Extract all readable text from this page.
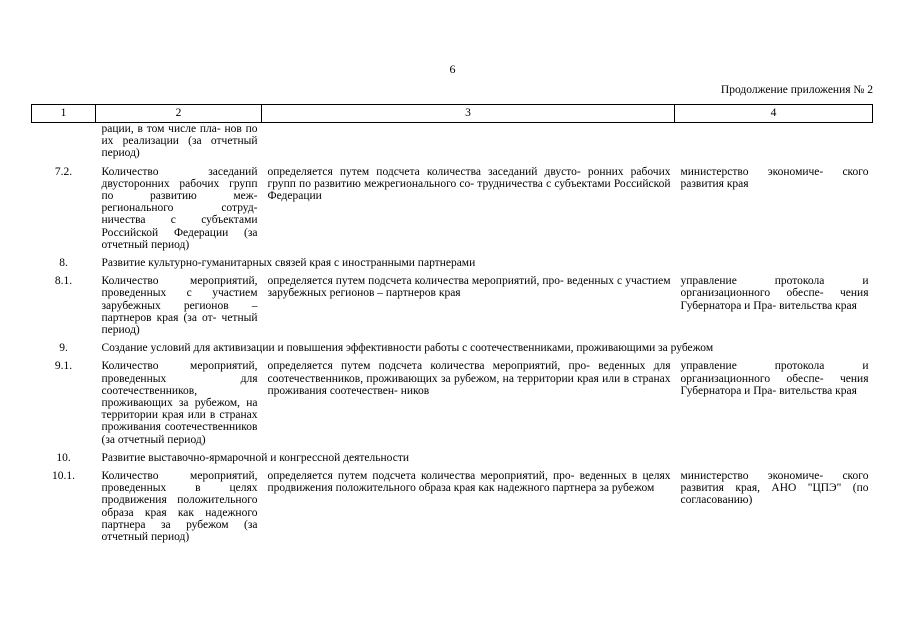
6
Продолжение приложения № 2
1	2	3	4
	рации, в том числе пла- нов по их реализации (за отчетный период)		
7.2.	Количество заседаний двусторонних рабочих групп по развитию меж- регионального сотруд- ничества с субъектами Российской Федерации (за отчетный период)	определяется путем подсчета количества заседаний двусто- ронних рабочих групп по развитию межрегионального со- трудничества с субъектами Российской Федерации	министерство экономиче- ского развития края
8.	Развитие культурно-гуманитарных связей края с иностранными партнерами		
8.1.	Количество мероприятий, проведенных с участием зарубежных регионов – партнеров края (за от- четный период)	определяется путем подсчета количества мероприятий, про- веденных с участием зарубежных регионов – партнеров края	управление протокола и организационного обеспе- чения Губернатора и Пра- вительства края
9.	Создание условий для активизации и повышения эффективности работы с соотечественниками, проживающими за рубежом		
9.1.	Количество мероприятий, проведенных для соотечественников, проживающих за рубежом, на территории края или в странах проживания соотечественников (за отчетный период)	определяется путем подсчета количества мероприятий, про- веденных для соотечественников, проживающих за рубежом, на территории края или в странах проживания соотечествен- ников	управление протокола и организационного обеспе- чения Губернатора и Пра- вительства края
10.	Развитие выставочно-ярмарочной и конгрессной деятельности		
10.1.	Количество мероприятий, проведенных в целях продвижения положительного образа края как надежного партнера за рубежом (за отчетный период)	определяется путем подсчета количества мероприятий, про- веденных в целях продвижения положительного образа края как надежного партнера за рубежом	министерство экономиче- ского развития края, АНО "ЦПЭ" (по согласованию)
